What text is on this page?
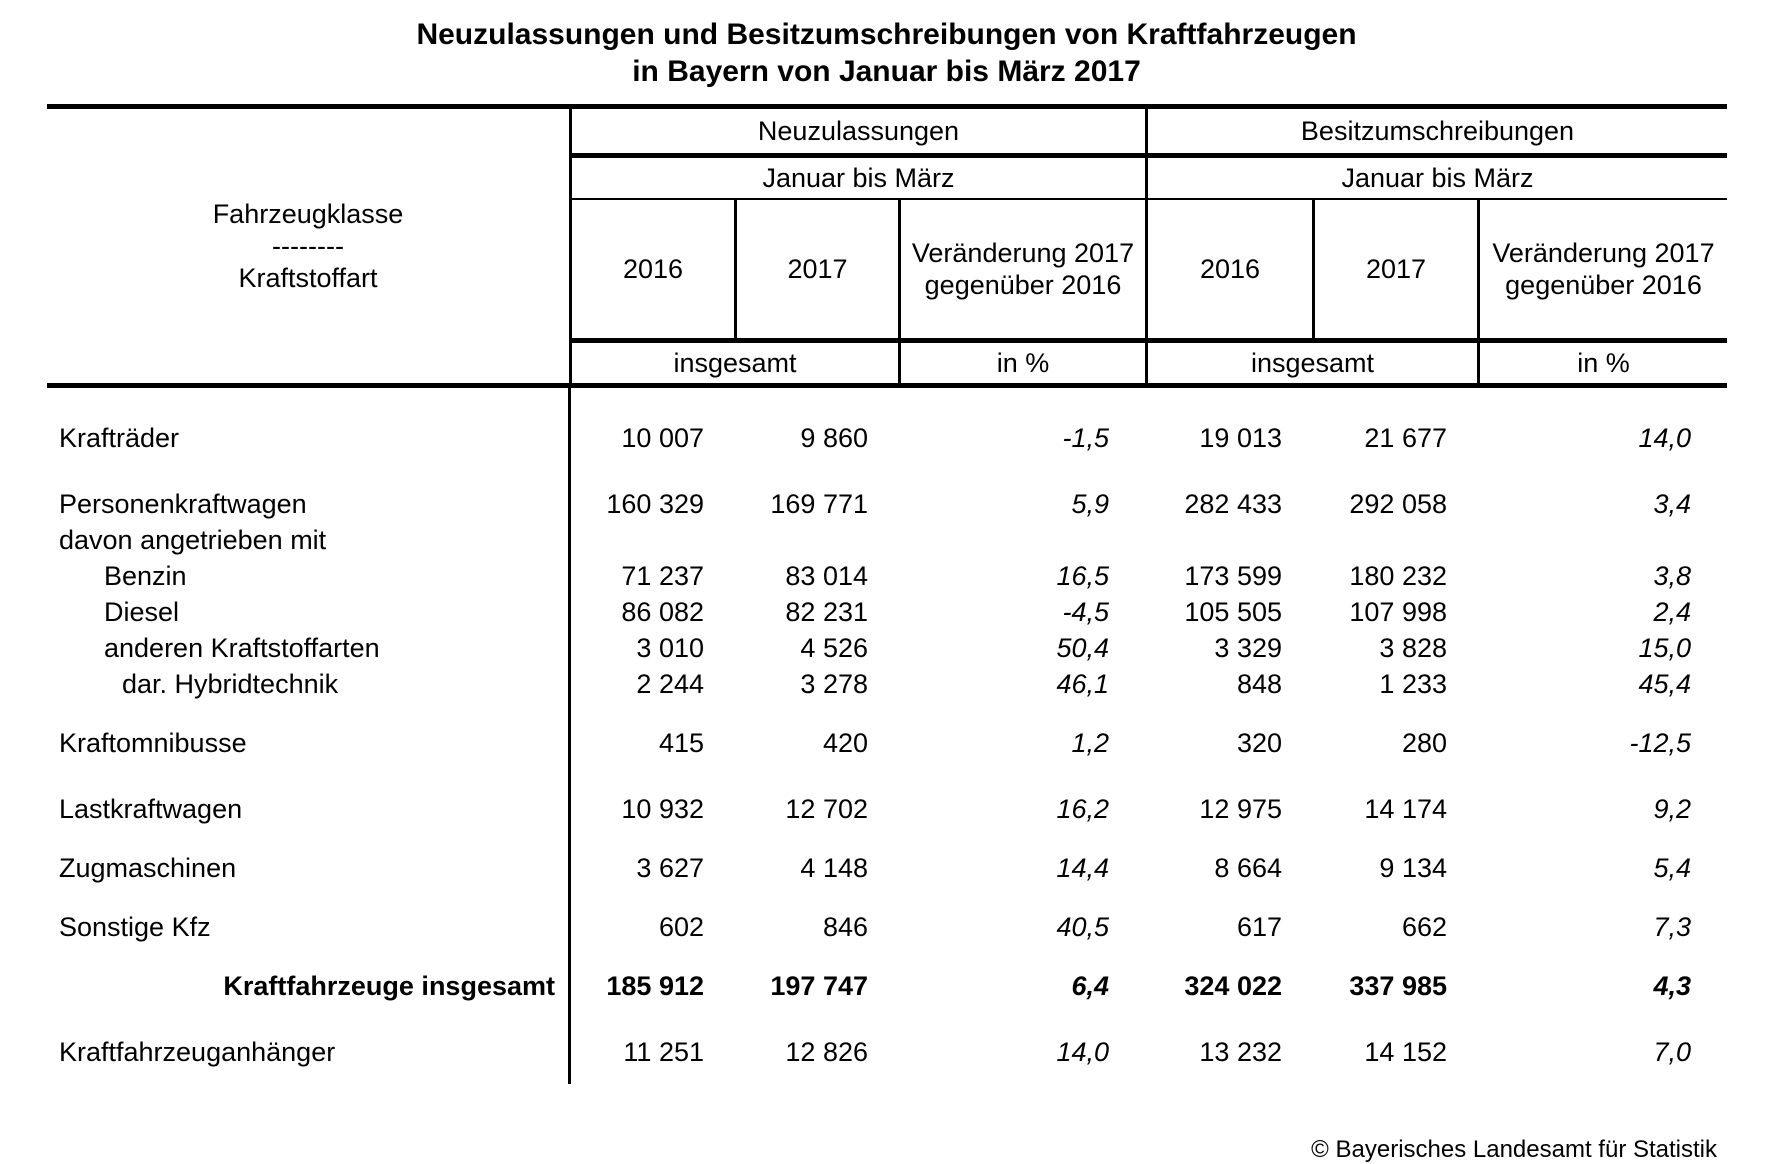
Neuzulassungen und Besitzumschreibungen von Kraftfahrzeugen
in Bayern von Januar bis März 2017
Fahrzeugklasse
--------
Kraftstoffart
Neuzulassungen	Besitzumschreibungen
Januar bis März	Januar bis März
2016	2017
Veränderung 2017
gegenüber 2016
2016	2017
Veränderung 2017
gegenüber 2016
insgesamt	in %	insgesamt	in %
Krafträder	10 007	9 860	-1,5	19 013	21 677	14,0
Personenkraftwagen	160 329	169 771	5,9	282 433	292 058	3,4
davon angetrieben mit
Benzin	71 237	83 014	16,5	173 599	180 232	3,8
Diesel	86 082	82 231	-4,5	105 505	107 998	2,4
anderen Kraftstoffarten	3 010	4 526	50,4	3 329	3 828	15,0
dar. Hybridtechnik	2 244	3 278	46,1	848	1 233	45,4
Kraftomnibusse	415	420	1,2	320	280	-12,5
Lastkraftwagen	10 932	12 702	16,2	12 975	14 174	9,2
Zugmaschinen	3 627	4 148	14,4	8 664	9 134	5,4
Sonstige Kfz	602	846	40,5	617	662	7,3
Kraftfahrzeuge insgesamt	185 912	197 747	6,4	324 022	337 985	4,3
Kraftfahrzeuganhänger	11 251	12 826	14,0	13 232	14 152	7,0
© Bayerisches Landesamt für Statistik
